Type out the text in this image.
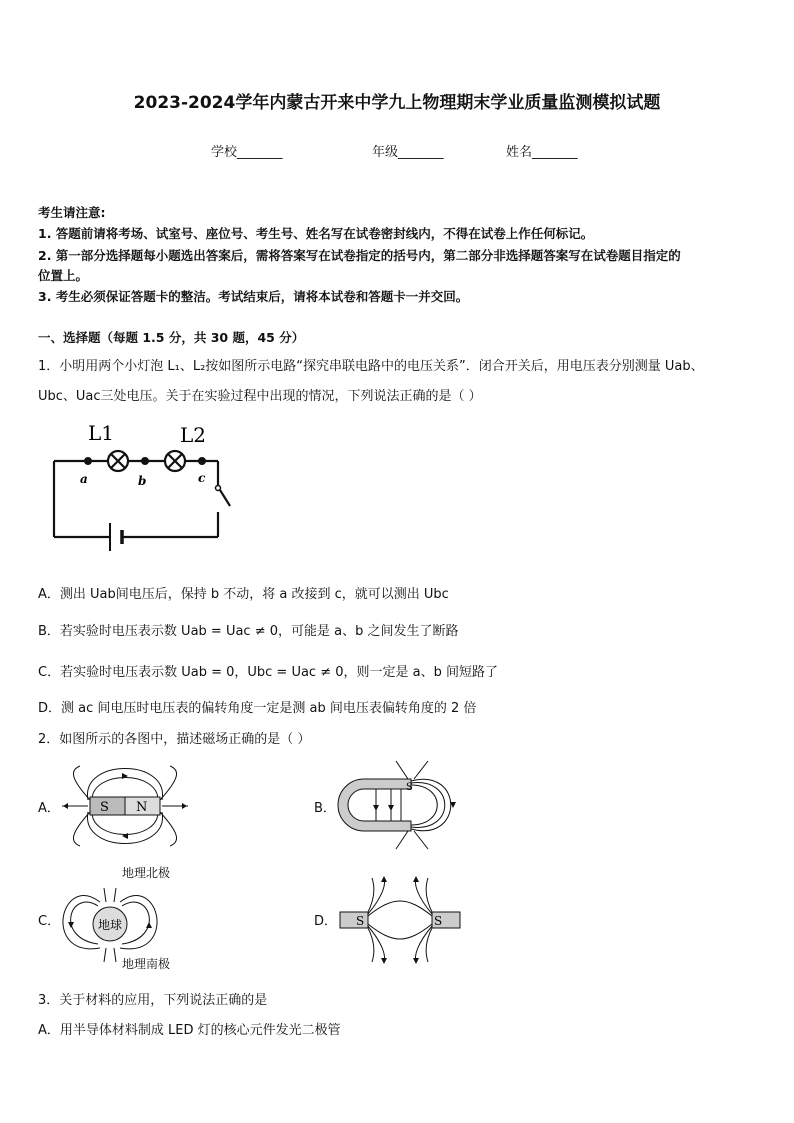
2023-2024学年内蒙古开来中学九上物理期末学业质量监测模拟试题
学校_______	年级_______	姓名_______
考生请注意:
1. 答题前请将考场、试室号、座位号、考生号、姓名写在试卷密封线内，不得在试卷上作任何标记。
2. 第一部分选择题每小题选出答案后，需将答案写在试卷指定的括号内，第二部分非选择题答案写在试卷题目指定的
位置上。
3. 考生必须保证答题卡的整洁。考试结束后，请将本试卷和答题卡一并交回。
一、选择题（每题 1.5 分，共 30 题，45 分）
1．小明用两个小灯泡 L₁、L₂按如图所示电路“探究串联电路中的电压关系”．闭合开关后，用电压表分别测量 Uab、
Ubc、Uac三处电压。关于在实验过程中出现的情况，下列说法正确的是（ ）
L1	L2
a	b	c
A．测出 Uab间电压后，保持 b 不动，将 a 改接到 c，就可以测出 Ubc
B．若实验时电压表示数 Uab = Uac ≠ 0，可能是 a、b 之间发生了断路
C．若实验时电压表示数 Uab = 0，Ubc = Uac ≠ 0，则一定是 a、b 间短路了
D．测 ac 间电压时电压表的偏转角度一定是测 ab 间电压表偏转角度的 2 倍
2．如图所示的各图中，描述磁场正确的是（ ）
A．	S N	B．
S
C．
地理北极
地理南极
地球	D． S	S
3．关于材料的应用，下列说法正确的是
A．用半导体材料制成 LED 灯的核心元件发光二极管
